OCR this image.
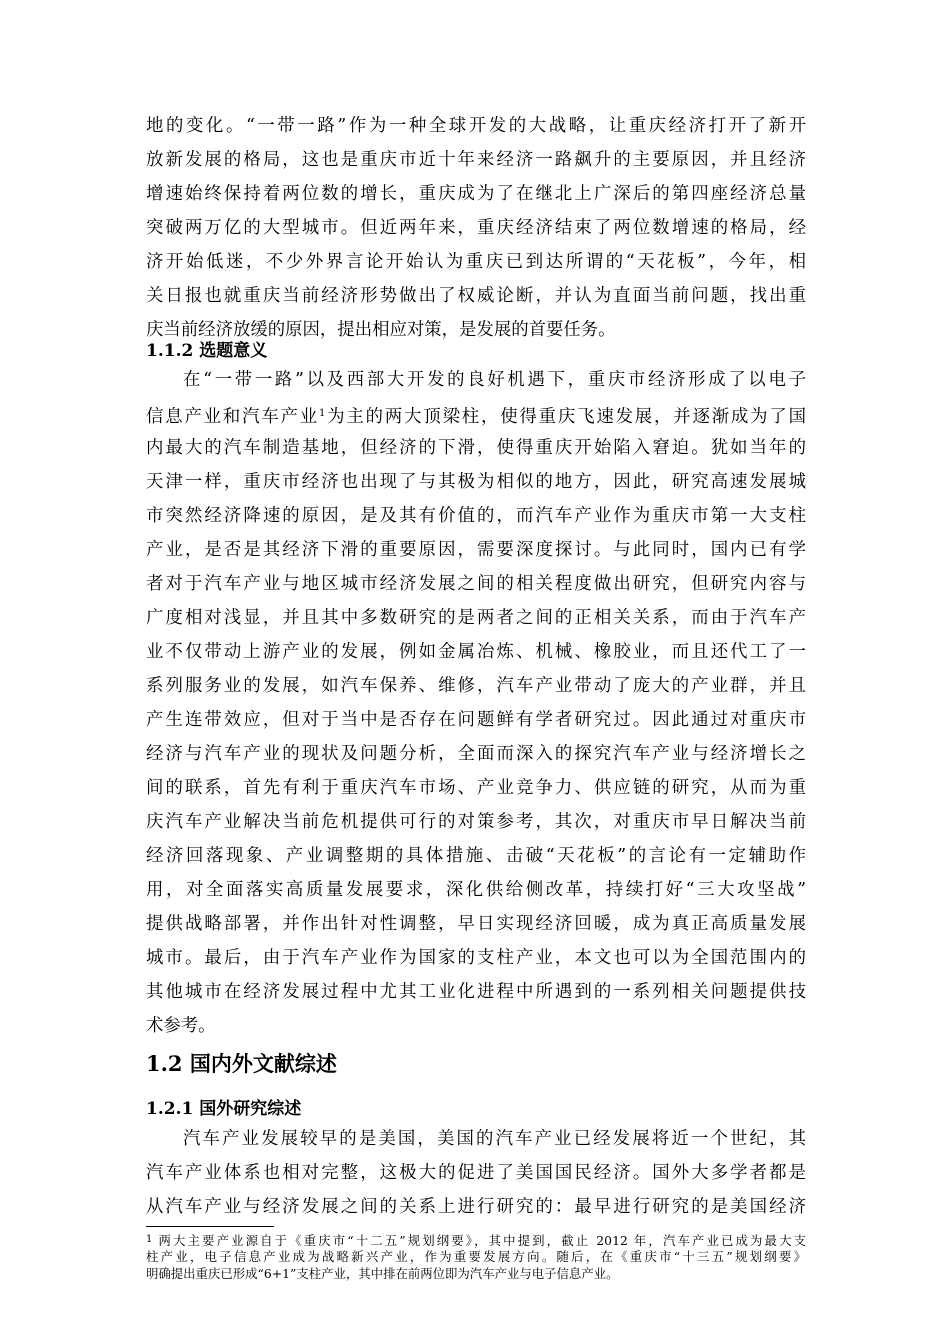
地的变化。“一带一路”作为一种全球开发的大战略，让重庆经济打开了新开
放新发展的格局，这也是重庆市近十年来经济一路飙升的主要原因，并且经济
增速始终保持着两位数的增长，重庆成为了在继北上广深后的第四座经济总量
突破两万亿的大型城市。但近两年来，重庆经济结束了两位数增速的格局，经
济开始低迷，不少外界言论开始认为重庆已到达所谓的“天花板”，今年，相
关日报也就重庆当前经济形势做出了权威论断，并认为直面当前问题，找出重
庆当前经济放缓的原因，提出相应对策，是发展的首要任务。
1.1.2 选题意义
在“一带一路”以及西部大开发的良好机遇下，重庆市经济形成了以电子
信息产业和汽车产业$^1$为主的两大顶梁柱，使得重庆飞速发展，并逐渐成为了国
内最大的汽车制造基地，但经济的下滑，使得重庆开始陷入窘迫。犹如当年的
天津一样，重庆市经济也出现了与其极为相似的地方，因此，研究高速发展城
市突然经济降速的原因，是及其有价值的，而汽车产业作为重庆市第一大支柱
产业，是否是其经济下滑的重要原因，需要深度探讨。与此同时，国内已有学
者对于汽车产业与地区城市经济发展之间的相关程度做出研究，但研究内容与
广度相对浅显，并且其中多数研究的是两者之间的正相关关系，而由于汽车产
业不仅带动上游产业的发展，例如金属冶炼、机械、橡胶业，而且还代工了一
系列服务业的发展，如汽车保养、维修，汽车产业带动了庞大的产业群，并且
产生连带效应，但对于当中是否存在问题鲜有学者研究过。因此通过对重庆市
经济与汽车产业的现状及问题分析，全面而深入的探究汽车产业与经济增长之
间的联系，首先有利于重庆汽车市场、产业竞争力、供应链的研究，从而为重
庆汽车产业解决当前危机提供可行的对策参考，其次，对重庆市早日解决当前
经济回落现象、产业调整期的具体措施、击破“天花板”的言论有一定辅助作
用，对全面落实高质量发展要求，深化供给侧改革，持续打好“三大攻坚战”
提供战略部署，并作出针对性调整，早日实现经济回暖，成为真正高质量发展
城市。最后，由于汽车产业作为国家的支柱产业，本文也可以为全国范围内的
其他城市在经济发展过程中尤其工业化进程中所遇到的一系列相关问题提供技
术参考。
1.2 国内外文献综述
1.2.1 国外研究综述
汽车产业发展较早的是美国，美国的汽车产业已经发展将近一个世纪，其
汽车产业体系也相对完整，这极大的促进了美国国民经济。国外大多学者都是
从汽车产业与经济发展之间的关系上进行研究的：最早进行研究的是美国经济
$^1$ 两大主要产业源自于《重庆市“十二五”规划纲要》，其中提到，截止 2012 年，汽车产业已成为最大支
柱产业，电子信息产业成为战略新兴产业，作为重要发展方向。随后，在《重庆市“十三五”规划纲要》
明确提出重庆已形成“6+1”支柱产业，其中排在前两位即为汽车产业与电子信息产业。
